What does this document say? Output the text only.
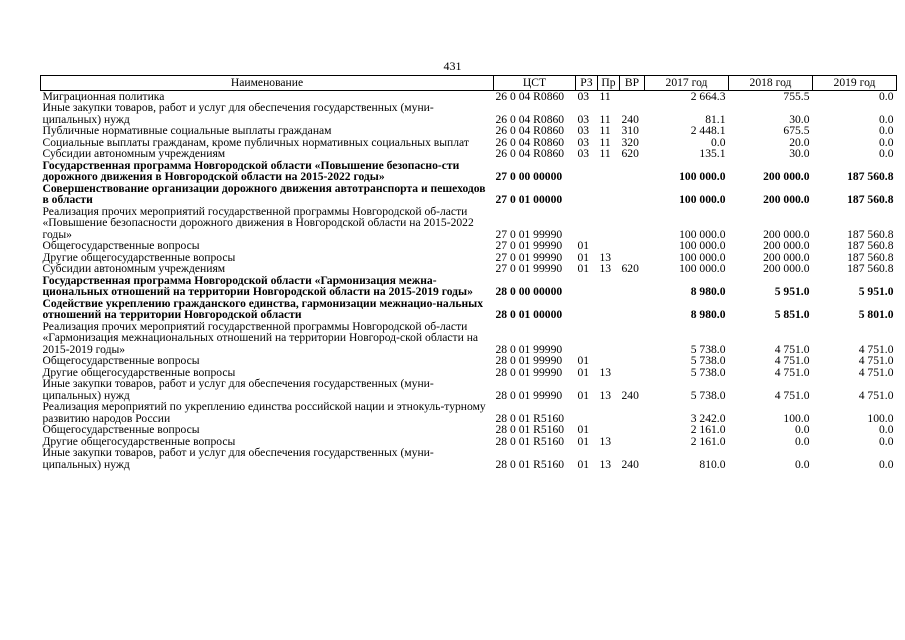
431
Наименование	ЦСТ	РЗ	Пр	ВР	2017 год	2018 год	2019 год
Миграционная политика	26 0 04 R0860	03	11		2 664.3	755.5	0.0
Иные закупки товаров, работ и услуг для обеспечения государственных (муни-ципальных) нужд	26 0 04 R0860	03	11	240	81.1	30.0	0.0
Публичные нормативные социальные выплаты гражданам	26 0 04 R0860	03	11	310	2 448.1	675.5	0.0
Социальные выплаты гражданам, кроме публичных нормативных социальных выплат	26 0 04 R0860	03	11	320	0.0	20.0	0.0
Субсидии автономным учреждениям	26 0 04 R0860	03	11	620	135.1	30.0	0.0
Государственная программа Новгородской области «Повышение безопасно-сти дорожного движения в Новгородской области на 2015-2022 годы»	27 0 00 00000				100 000.0	200 000.0	187 560.8
Совершенствование организации дорожного движения автотранспорта и пешеходов в области	27 0 01 00000				100 000.0	200 000.0	187 560.8
Реализация прочих мероприятий государственной программы Новгородской об-ласти «Повышение безопасности дорожного движения в Новгородской области на 2015-2022 годы»	27 0 01 99990				100 000.0	200 000.0	187 560.8
Общегосударственные вопросы	27 0 01 99990	01			100 000.0	200 000.0	187 560.8
Другие общегосударственные вопросы	27 0 01 99990	01	13		100 000.0	200 000.0	187 560.8
Субсидии автономным учреждениям	27 0 01 99990	01	13	620	100 000.0	200 000.0	187 560.8
Государственная программа Новгородской области «Гармонизация межна-циональных отношений на территории Новгородской области на 2015-2019 годы»	28 0 00 00000				8 980.0	5 951.0	5 951.0
Содействие укреплению гражданского единства, гармонизации межнацио-нальных отношений на территории Новгородской области	28 0 01 00000				8 980.0	5 851.0	5 801.0
Реализация прочих мероприятий государственной программы Новгородской об-ласти «Гармонизация межнациональных отношений на территории Новгород-ской области на 2015-2019 годы»	28 0 01 99990				5 738.0	4 751.0	4 751.0
Общегосударственные вопросы	28 0 01 99990	01			5 738.0	4 751.0	4 751.0
Другие общегосударственные вопросы	28 0 01 99990	01	13		5 738.0	4 751.0	4 751.0
Иные закупки товаров, работ и услуг для обеспечения государственных (муни-ципальных) нужд	28 0 01 99990	01	13	240	5 738.0	4 751.0	4 751.0
Реализация мероприятий по укреплению единства российской нации и этнокуль-турному развитию народов России	28 0 01 R5160				3 242.0	100.0	100.0
Общегосударственные вопросы	28 0 01 R5160	01			2 161.0	0.0	0.0
Другие общегосударственные вопросы	28 0 01 R5160	01	13		2 161.0	0.0	0.0
Иные закупки товаров, работ и услуг для обеспечения государственных (муни-ципальных) нужд	28 0 01 R5160	01	13	240	810.0	0.0	0.0
